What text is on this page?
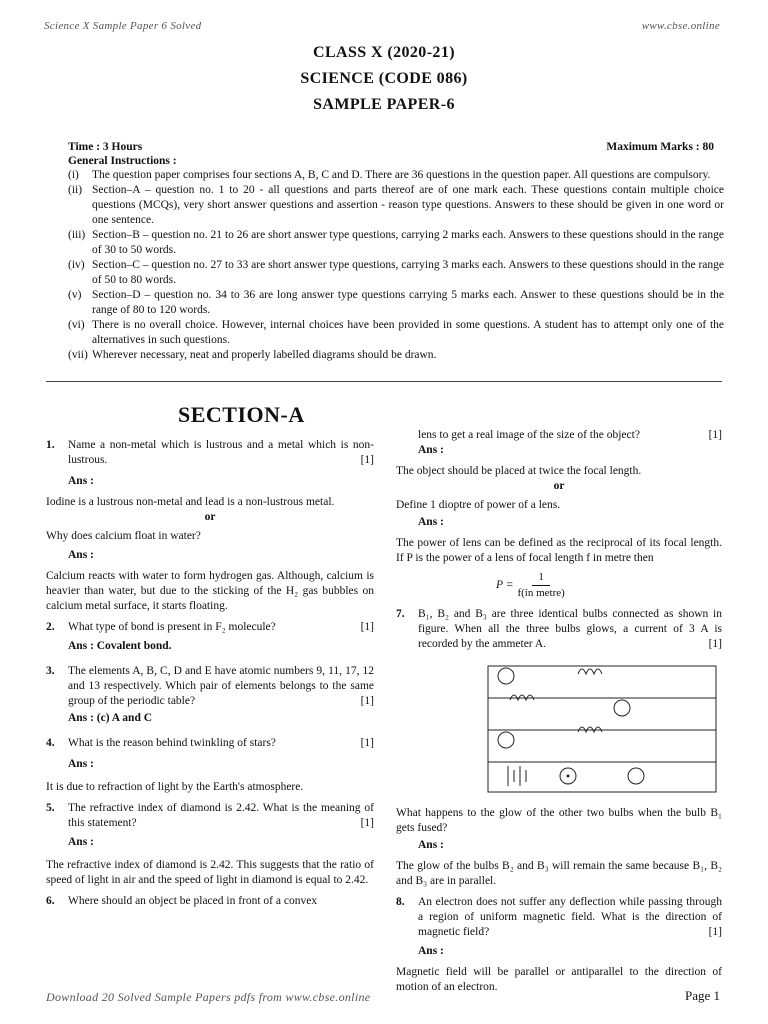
Science X Sample Paper 6 Solved	www.cbse.online
CLASS X (2020-21)
SCIENCE (CODE 086)
SAMPLE PAPER-6
Time : 3 Hours	Maximum Marks : 80
General Instructions :
(i)	The question paper comprises four sections A, B, C and D. There are 36 questions in the question paper. All questions are compulsory.
(ii) Section–A – question no. 1 to 20 - all questions and parts thereof are of one mark each. These questions contain multiple choice questions (MCQs), very short answer questions and assertion - reason type questions. Answers to these should be given in one word or one sentence.
(iii) Section–B – question no. 21 to 26 are short answer type questions, carrying 2 marks each. Answers to these questions should in the range of 30 to 50 words.
(iv) Section–C – question no. 27 to 33 are short answer type questions, carrying 3 marks each. Answers to these questions should in the range of 50 to 80 words.
(v) Section–D – question no. 34 to 36 are long answer type questions carrying 5 marks each. Answer to these questions should be in the range of 80 to 120 words.
(vi) There is no overall choice. However, internal choices have been provided in some questions. A student has to attempt only one of the alternatives in such questions.
(vii) Wherever necessary, neat and properly labelled diagrams should be drawn.
SECTION-A
1.	Name a non-metal which is lustrous and a metal which is non-lustrous.	[1]
Ans :

Iodine is a lustrous non-metal and lead is a non-lustrous metal.

or

Why does calcium float in water?

Ans :

Calcium reacts with water to form hydrogen gas. Although, calcium is heavier than water, but due to the sticking of the H₂ gas bubbles on calcium metal surface, it starts floating.

2.	What type of bond is present in F₂ molecule?	[1]
Ans : Covalent bond.
3.	The elements A, B, C, D and E have atomic numbers 9, 11, 17, 12 and 13 respectively. Which pair of elements belongs to the same group of the periodic table?	[1]
Ans : (c) A and C
4.	What is the reason behind twinkling of stars?	[1]
Ans :

It is due to refraction of light by the Earth's atmosphere.

5.	The refractive index of diamond is 2.42. What is the meaning of this statement?	[1]
Ans :

The refractive index of diamond is 2.42. This suggests that the ratio of speed of light in air and the speed of light in diamond is equal to 2.42.

6.	Where should an object be placed in front of a convex

lens to get a real image of the size of the object?	[1]

Ans :

The object should be placed at twice the focal length.

or

Define 1 dioptre of power of a lens.

Ans :

The power of lens can be defined as the reciprocal of its focal length. If P is the power of a lens of focal length f in metre then

$P = \frac{1}{\text{f(in metre)}}$
7.	B₁, B₂ and B₃ are three identical bulbs connected as shown in figure. When all the three bulbs glows, a current of 3 A is recorded by the ammeter A.	[1]

What happens to the glow of the other two bulbs when the bulb B₁ gets fused?

Ans :

The glow of the bulbs B₂ and B₃ will remain the same because B₁, B₂ and B₃ are in parallel.

8.	An electron does not suffer any deflection while passing through a region of uniform magnetic field. What is the direction of magnetic field?	[1]
Ans :

Magnetic field will be parallel or antiparallel to the direction of motion of an electron.

Download 20 Solved Sample Papers pdfs from www.cbse.online	Page 1
